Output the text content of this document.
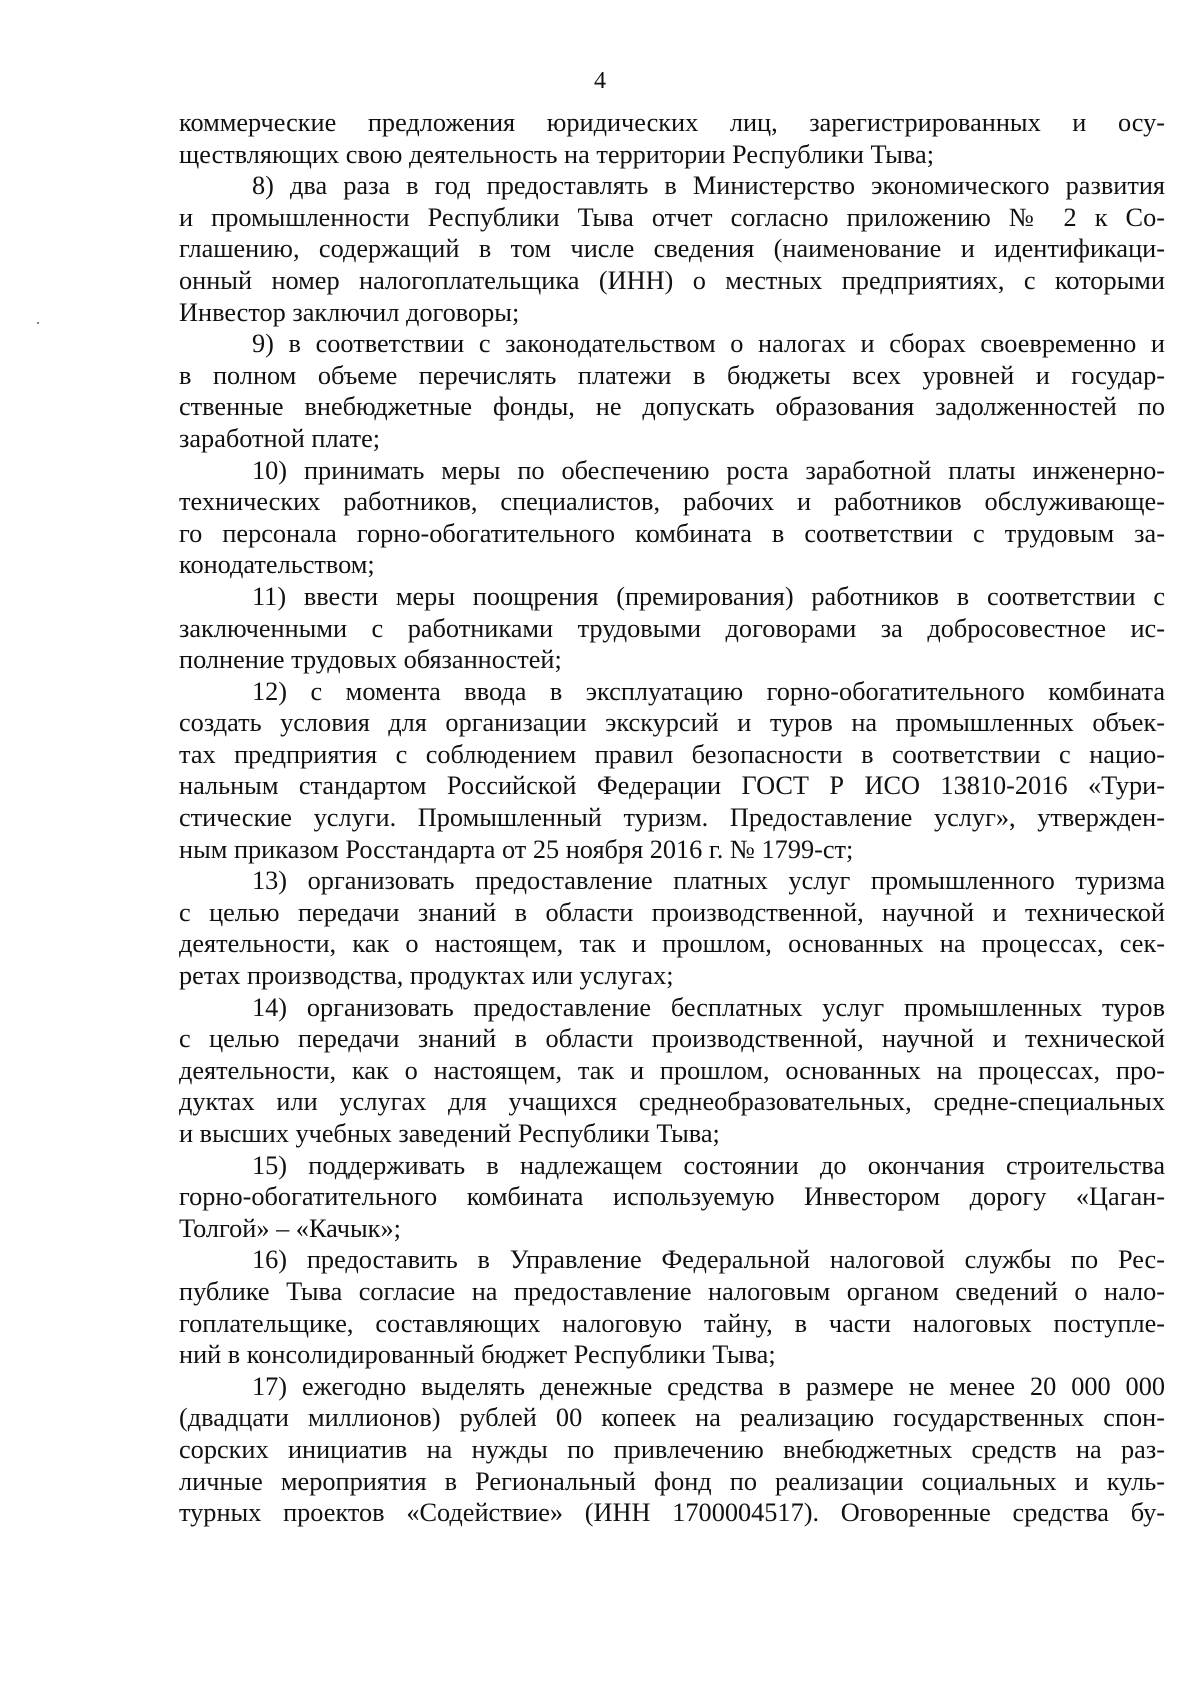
4
коммерческие предложения юридических лиц, зарегистрированных и осу-
ществляющих свою деятельность на территории Республики Тыва;
8) два раза в год предоставлять в Министерство экономического развития
и промышленности Республики Тыва отчет согласно приложению № 2 к Со-
глашению, содержащий в том числе сведения (наименование и идентификаци-
онный номер налогоплательщика (ИНН) о местных предприятиях, с которыми
Инвестор заключил договоры;
9) в соответствии с законодательством о налогах и сборах своевременно и
в полном объеме перечислять платежи в бюджеты всех уровней и государ-
ственные внебюджетные фонды, не допускать образования задолженностей по
заработной плате;
10) принимать меры по обеспечению роста заработной платы инженерно-
технических работников, специалистов, рабочих и работников обслуживающе-
го персонала горно-обогатительного комбината в соответствии с трудовым за-
конодательством;
11) ввести меры поощрения (премирования) работников в соответствии с
заключенными с работниками трудовыми договорами за добросовестное ис-
полнение трудовых обязанностей;
12) с момента ввода в эксплуатацию горно-обогатительного комбината
создать условия для организации экскурсий и туров на промышленных объек-
тах предприятия с соблюдением правил безопасности в соответствии с нацио-
нальным стандартом Российской Федерации ГОСТ Р ИСО 13810-2016 «Тури-
стические услуги. Промышленный туризм. Предоставление услуг», утвержден-
ным приказом Росстандарта от 25 ноября 2016 г. № 1799-ст;
13) организовать предоставление платных услуг промышленного туризма
с целью передачи знаний в области производственной, научной и технической
деятельности, как о настоящем, так и прошлом, основанных на процессах, сек-
ретах производства, продуктах или услугах;
14) организовать предоставление бесплатных услуг промышленных туров
с целью передачи знаний в области производственной, научной и технической
деятельности, как о настоящем, так и прошлом, основанных на процессах, про-
дуктах или услугах для учащихся среднеобразовательных, средне-специальных
и высших учебных заведений Республики Тыва;
15) поддерживать в надлежащем состоянии до окончания строительства
горно-обогатительного комбината используемую Инвестором дорогу «Цаган-
Толгой» – «Качык»;
16) предоставить в Управление Федеральной налоговой службы по Рес-
публике Тыва согласие на предоставление налоговым органом сведений о нало-
гоплательщике, составляющих налоговую тайну, в части налоговых поступле-
ний в консолидированный бюджет Республики Тыва;
17) ежегодно выделять денежные средства в размере не менее 20 000 000
(двадцати миллионов) рублей 00 копеек на реализацию государственных спон-
сорских инициатив на нужды по привлечению внебюджетных средств на раз-
личные мероприятия в Региональный фонд по реализации социальных и куль-
турных проектов «Содействие» (ИНН 1700004517). Оговоренные средства бу-
